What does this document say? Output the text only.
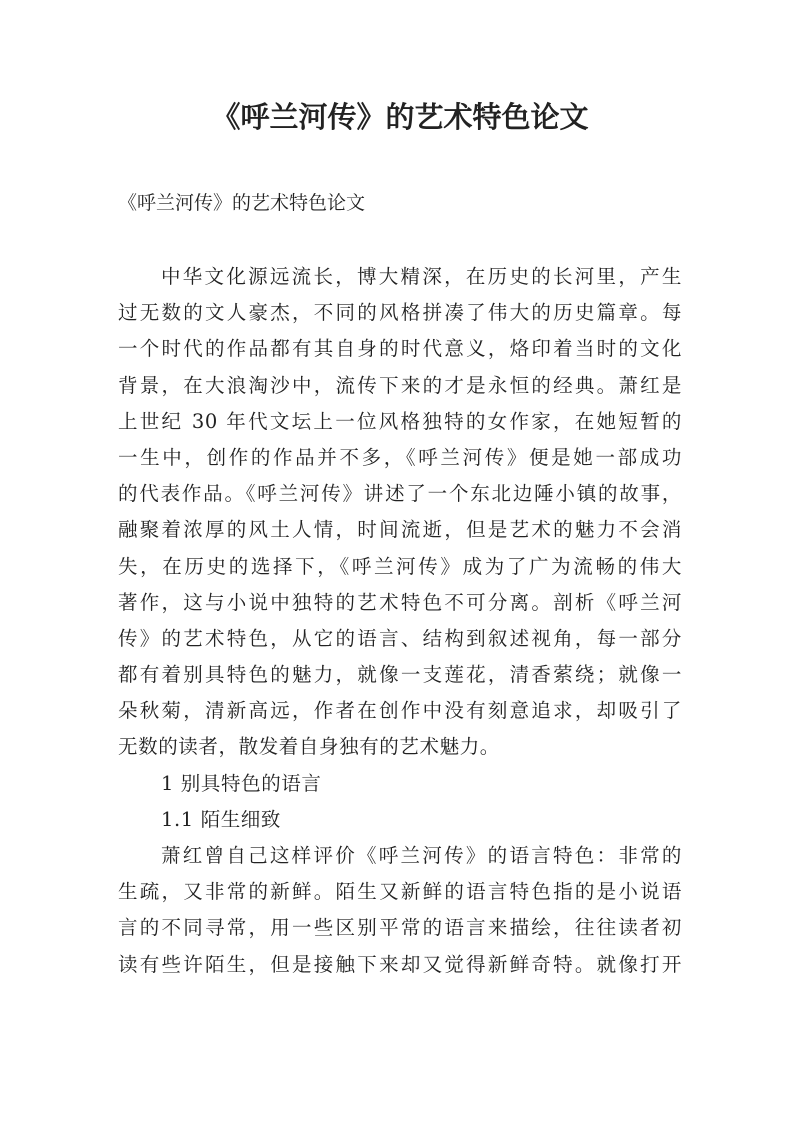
《呼兰河传》的艺术特色论文

《呼兰河传》的艺术特色论文

中华文化源远流长，博大精深，在历史的长河里，产生
过无数的文人豪杰，不同的风格拼凑了伟大的历史篇章。每
一个时代的作品都有其自身的时代意义，烙印着当时的文化
背景，在大浪淘沙中，流传下来的才是永恒的经典。萧红是
上世纪 30 年代文坛上一位风格独特的女作家，在她短暂的
一生中，创作的作品并不多，《呼兰河传》便是她一部成功
的代表作品。《呼兰河传》讲述了一个东北边陲小镇的故事，
融聚着浓厚的风土人情，时间流逝，但是艺术的魅力不会消
失，在历史的选择下，《呼兰河传》成为了广为流畅的伟大
著作，这与小说中独特的艺术特色不可分离。剖析《呼兰河
传》的艺术特色，从它的语言、结构到叙述视角，每一部分
都有着别具特色的魅力，就像一支莲花，清香萦绕；就像一
朵秋菊，清新高远，作者在创作中没有刻意追求，却吸引了
无数的读者，散发着自身独有的艺术魅力。
1 别具特色的语言
1.1 陌生细致
萧红曾自己这样评价《呼兰河传》的语言特色：非常的
生疏，又非常的新鲜。陌生又新鲜的语言特色指的是小说语
言的不同寻常，用一些区别平常的语言来描绘，往往读者初
读有些许陌生，但是接触下来却又觉得新鲜奇特。就像打开
